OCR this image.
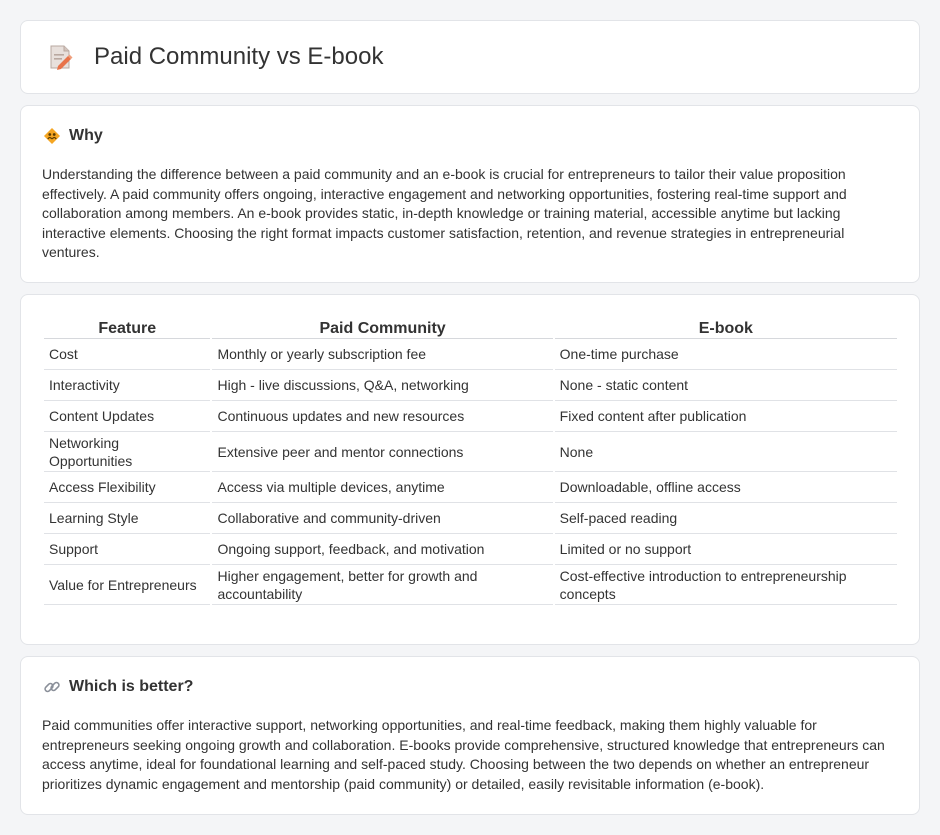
Paid Community vs E-book
Why

Understanding the difference between a paid community and an e-book is crucial for entrepreneurs to tailor their value proposition effectively. A paid community offers ongoing, interactive engagement and networking opportunities, fostering real-time support and collaboration among members. An e-book provides static, in-depth knowledge or training material, accessible anytime but lacking interactive elements. Choosing the right format impacts customer satisfaction, retention, and revenue strategies in entrepreneurial ventures.

Feature	Paid Community	E-book
Cost	Monthly or yearly subscription fee	One-time purchase
Interactivity	High - live discussions, Q&A, networking	None - static content
Content Updates	Continuous updates and new resources	Fixed content after publication
Networking Opportunities	Extensive peer and mentor connections	None
Access Flexibility	Access via multiple devices, anytime	Downloadable, offline access
Learning Style	Collaborative and community-driven	Self-paced reading
Support	Ongoing support, feedback, and motivation	Limited or no support
Value for Entrepreneurs	Higher engagement, better for growth and accountability	Cost-effective introduction to entrepreneurship concepts
Which is better?

Paid communities offer interactive support, networking opportunities, and real-time feedback, making them highly valuable for entrepreneurs seeking ongoing growth and collaboration. E-books provide comprehensive, structured knowledge that entrepreneurs can access anytime, ideal for foundational learning and self-paced study. Choosing between the two depends on whether an entrepreneur prioritizes dynamic engagement and mentorship (paid community) or detailed, easily revisitable information (e-book).
